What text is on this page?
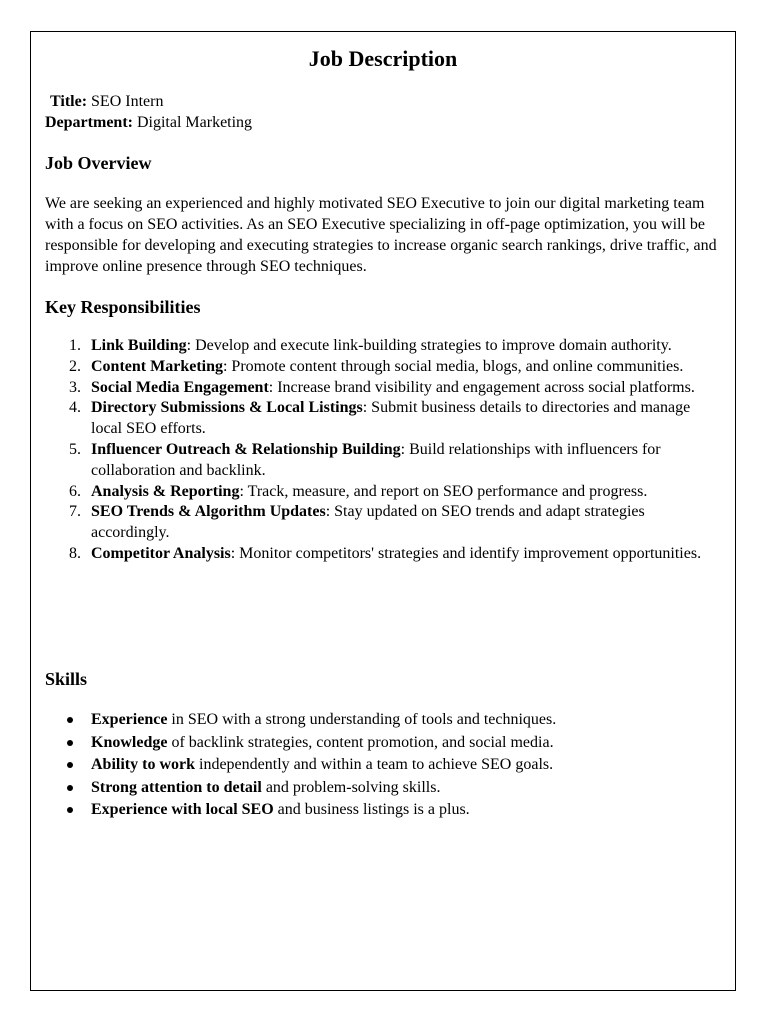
Job Description

Title: SEO Intern

Department: Digital Marketing

Job Overview

We are seeking an experienced and highly motivated SEO Executive to join our digital marketing team with a focus on SEO activities. As an SEO Executive specializing in off-page optimization, you will be responsible for developing and executing strategies to increase organic search rankings, drive traffic, and improve online presence through SEO techniques.

Key Responsibilities
1. Link Building: Develop and execute link-building strategies to improve domain authority.
2. Content Marketing: Promote content through social media, blogs, and online communities.
3. Social Media Engagement: Increase brand visibility and engagement across social platforms.
4. Directory Submissions & Local Listings: Submit business details to directories and manage local SEO efforts.
5. Influencer Outreach & Relationship Building: Build relationships with influencers for collaboration and backlink.
6. Analysis & Reporting: Track, measure, and report on SEO performance and progress.
7. SEO Trends & Algorithm Updates: Stay updated on SEO trends and adapt strategies accordingly.
8. Competitor Analysis: Monitor competitors' strategies and identify improvement opportunities.
Skills
Experience in SEO with a strong understanding of tools and techniques.
Knowledge of backlink strategies, content promotion, and social media.
Ability to work independently and within a team to achieve SEO goals.
Strong attention to detail and problem-solving skills.
Experience with local SEO and business listings is a plus.
